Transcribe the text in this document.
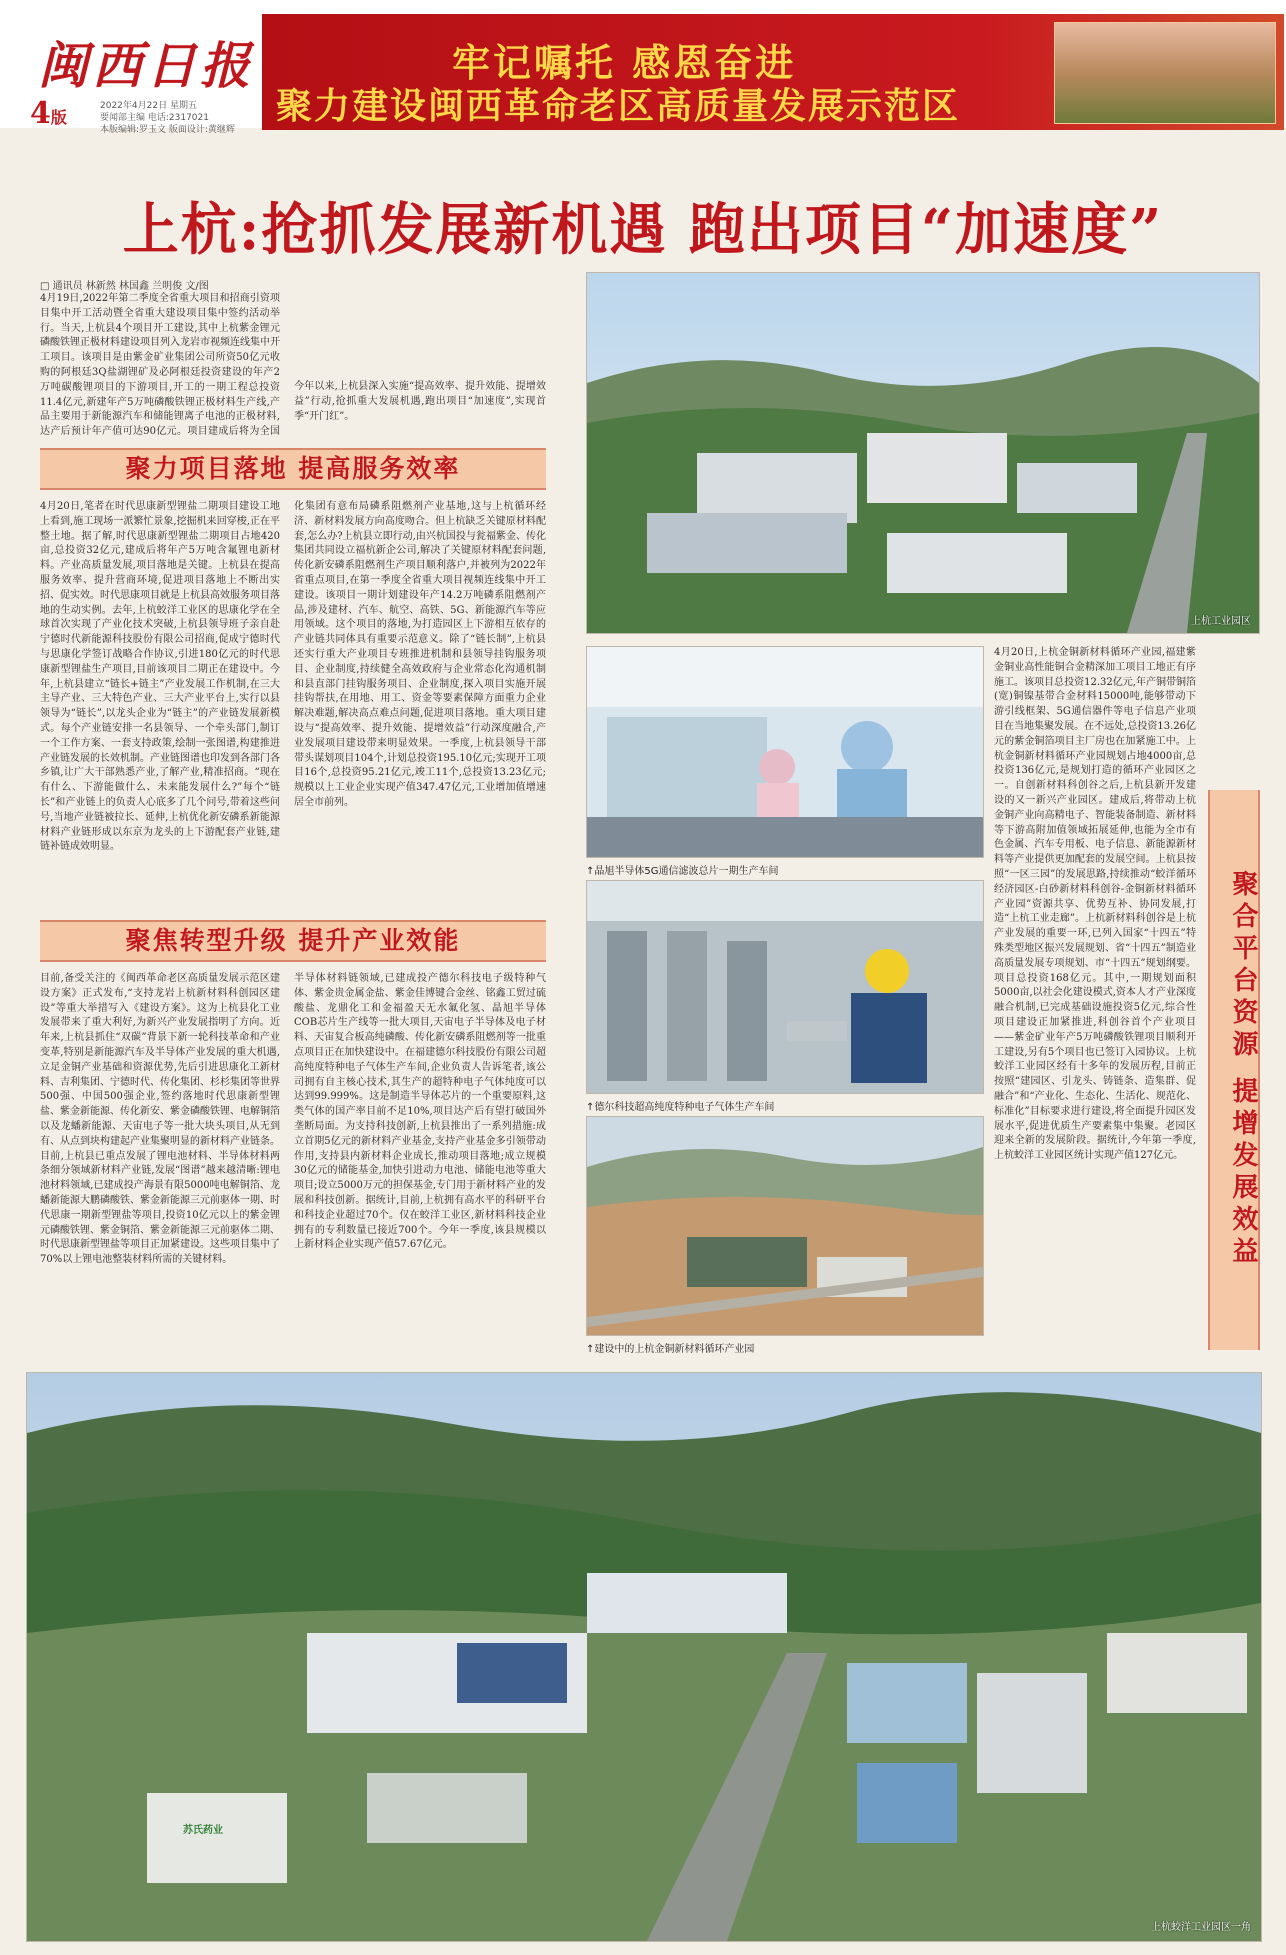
闽西日报
4版
2022年4月22日 星期五
要闻部主编 电话:2317021
本版编辑:罗玉文 版面设计:黄继辉
牢记嘱托 感恩奋进
聚力建设闽西革命老区高质量发展示范区
上杭:抢抓发展新机遇 跑出项目“加速度”
□ 通讯员 林新然 林国鑫 兰明俊 文/图
4月19日,2022年第二季度全省重大项目和招商引资项目集中开工活动暨全省重大建设项目集中签约活动举行。当天,上杭县4个项目开工建设,其中上杭紫金锂元磷酸铁锂正极材料建设项目列入龙岩市视频连线集中开工项目。该项目是由紫金矿业集团公司所资50亿元收购的阿根廷3Q盐湖锂矿及必阿根廷投资建设的年产2万吨碳酸锂项目的下游项目,开工的一期工程总投资11.4亿元,新建年产5万吨磷酸铁锂正极材料生产线,产品主要用于新能源汽车和储能锂离子电池的正极材料,达产后预计年产值可达90亿元。项目建成后将为全国
今年以来,上杭县深入实施“提高效率、提升效能、提增效益”行动,抢抓重大发展机遇,跑出项目“加速度”,实现首季“开门红”。
聚力项目落地 提高服务效率
4月20日,笔者在时代思康新型锂盐二期项目建设工地上看到,施工现场一派繁忙景象,挖掘机来回穿梭,正在平整土地。据了解,时代思康新型锂盐二期项目占地420亩,总投资32亿元,建成后将年产5万吨含氟锂电新材料。产业高质量发展,项目落地是关键。上杭县在提高服务效率、提升营商环境,促进项目落地上不断出实招、促实效。时代思康项目就是上杭县高效服务项目落地的生动实例。去年,上杭蛟洋工业区的思康化学在全球首次实现了产业化技术突破,上杭县领导班子亲自赴宁德时代新能源科技股份有限公司招商,促成宁德时代与思康化学签订战略合作协议,引进180亿元的时代思康新型锂盐生产项目,目前该项目二期正在建设中。今年,上杭县建立“链长+链主”产业发展工作机制,在三大主导产业、三大特色产业、三大产业平台上,实行以县领导为“链长”,以龙头企业为“链主”的产业链发展新模式。每个产业链安排一名县领导、一个牵头部门,制订一个工作方案、一套支持政策,绘制一张图谱,构建推进产业链发展的长效机制。产业链图谱也印发到各部门各乡镇,让广大干部熟悉产业,了解产业,精准招商。“现在有什么、下游能做什么、未来能发展什么?”每个“链长”和产业链上的负责人心底多了几个问号,带着这些问号,当地产业链被拉长、延伸,上杭优化新安磷系新能源材料产业链形成以东京为龙头的上下游配套产业链,建链补链成效明显。
化集团有意布局磷系阻燃剂产业基地,这与上杭循环经济、新材料发展方向高度吻合。但上杭缺乏关键原材料配套,怎么办?上杭县立即行动,由兴杭国投与瓮福紫金、传化集团共同设立福杭新企公司,解决了关键原材料配套问题,传化新安磷系阻燃剂生产项目顺利落户,并被列为2022年省重点项目,在第一季度全省重大项目视频连线集中开工建设。该项目一期计划建设年产14.2万吨磷系阻燃剂产品,涉及建材、汽车、航空、高铁、5G、新能源汽车等应用领域。这个项目的落地,为打造园区上下游相互依存的产业链共同体具有重要示范意义。除了“链长制”,上杭县还实行重大产业项目专班推进机制和县领导挂钩服务项目、企业制度,持续健全高效政府与企业常态化沟通机制和县直部门挂钩服务项目、企业制度,探入项目实施开展挂钩帮扶,在用地、用工、资金等要素保障方面重力企业解决难题,解决高点难点问题,促进项目落地。重大项目建设与“提高效率、提升效能、提增效益”行动深度融合,产业发展项目建设带来明显效果。一季度,上杭县领导干部带头谋划项目104个,计划总投资195.10亿元;实现开工项目16个,总投资95.21亿元,竣工11个,总投资13.23亿元;规模以上工业企业实现产值347.47亿元,工业增加值增速居全市前列。
聚焦转型升级 提升产业效能
目前,备受关注的《闽西革命老区高质量发展示范区建设方案》正式发布,“支持龙岩上杭新材料科创园区建设”等重大举措写入《建设方案》。这为上杭县化工业发展带来了重大利好,为新兴产业发展指明了方向。近年来,上杭县抓住“双碳”背景下新一轮科技革命和产业变革,特别是新能源汽车及半导体产业发展的重大机遇,立足金铜产业基础和资源优势,先后引进思康化工新材料、吉利集团、宁德时代、传化集团、杉杉集团等世界500强、中国500强企业,签约落地时代思康新型锂盐、紫金新能源、传化新安、紫金磷酸铁锂、电解铜箔以及龙蟠新能源、天宙电子等一批大块头项目,从无到有、从点到块构建起产业集聚明显的新材料产业链条。目前,上杭县已重点发展了锂电池材料、半导体材料两条细分领域新材料产业链,发展“图谱”越来越清晰:锂电池材料领域,已建成投产海景有限5000吨电解铜箔、龙蟠新能源大鹏磷酸铁、紫金新能源三元前驱体一期、时代思康一期新型锂盐等项目,投资10亿元以上的紫金锂元磷酸铁锂、紫金铜箔、紫金新能源三元前驱体二期、时代思康新型锂盐等项目正加紧建设。这些项目集中了70%以上锂电池整装材料所需的关键材料。
半导体材料链领域,已建成投产德尔科技电子级特种气体、紫金贵金属金盐、紫金佳博键合金丝、铭鑫工贸过硫酸盐、龙鼎化工和金福盈天无水氟化氢、晶旭半导体COB芯片生产线等一批大项目,天宙电子半导体及电子材料、天宙复合板高纯磷酸、传化新安磷系阻燃剂等一批重点项目正在加快建设中。在福建德尔科技股份有限公司超高纯度特种电子气体生产车间,企业负责人告诉笔者,该公司拥有自主核心技术,其生产的超特种电子气体纯度可以达到99.999%。这是制造半导体芯片的一个重要原料,这类气体的国产率目前不足10%,项目达产后有望打破国外垄断局面。为支持科技创新,上杭县推出了一系列措施:成立首期5亿元的新材料产业基金,支持产业基金多引领带动作用,支持县内新材料企业成长,推动项目落地;成立规模30亿元的储能基金,加快引进动力电池、储能电池等重大项目;设立5000万元的担保基金,专门用于新材料产业的发展和科技创新。据统计,目前,上杭拥有高水平的科研平台和科技企业超过70个。仅在蛟洋工业区,新材料科技企业拥有的专利数量已接近700个。今年一季度,该县规模以上新材料企业实现产值57.67亿元。
上杭工业园区
↑晶旭半导体5G通信滤波总片一期生产车间
↑德尔科技超高纯度特种电子气体生产车间
↑建设中的上杭金铜新材料循环产业园
4月20日,上杭金铜新材料循环产业园,福建紫金铜业高性能铜合金精深加工项目工地正有序施工。该项目总投资12.32亿元,年产铜带铜箔(宽)铜镍基带合金材料15000吨,能够带动下游引线框架、5G通信器件等电子信息产业项目在当地集聚发展。在不远处,总投资13.26亿元的紫金铜箔项目主厂房也在加紧施工中。上杭金铜新材料循环产业园规划占地4000亩,总投资136亿元,是规划打造的循环产业园区之一。自创新材料科创谷之后,上杭县新开发建设的又一新兴产业园区。建成后,将带动上杭金铜产业向高精电子、智能装备制造、新材料等下游高附加值领域拓展延伸,也能为全市有色金属、汽车专用板、电子信息、新能源新材料等产业提供更加配套的发展空间。上杭县按照“一区三园”的发展思路,持续推动“蛟洋循环经济园区-白砂新材料科创谷-金铜新材料循环产业园”资源共享、优势互补、协同发展,打造“上杭工业走廊”。上杭新材料科创谷是上杭产业发展的重要一环,已列入国家“十四五”特殊类型地区振兴发展规划、省“十四五”制造业高质量发展专项规划、市“十四五”规划纲要。项目总投资168亿元。其中,一期规划面积5000亩,以社会化建设模式,资本人才产业深度融合机制,已完成基础设施投资5亿元,综合性项目建设正加紧推进,科创谷首个产业项目——紫金矿业年产5万吨磷酸铁锂项目顺利开工建设,另有5个项目也已签订入园协议。上杭蛟洋工业园区经有十多年的发展历程,目前正按照“建园区、引龙头、铸链条、造集群、促融合”和“产业化、生态化、生活化、规范化、标准化”目标要求进行建设,将全面提升园区发展水平,促进优质生产要素集中集聚。老园区迎来全新的发展阶段。据统计,今年第一季度,上杭蛟洋工业园区统计实现产值127亿元。	聚合平台资源 提增发展效益
苏氏药业
上杭蛟洋工业园区一角
